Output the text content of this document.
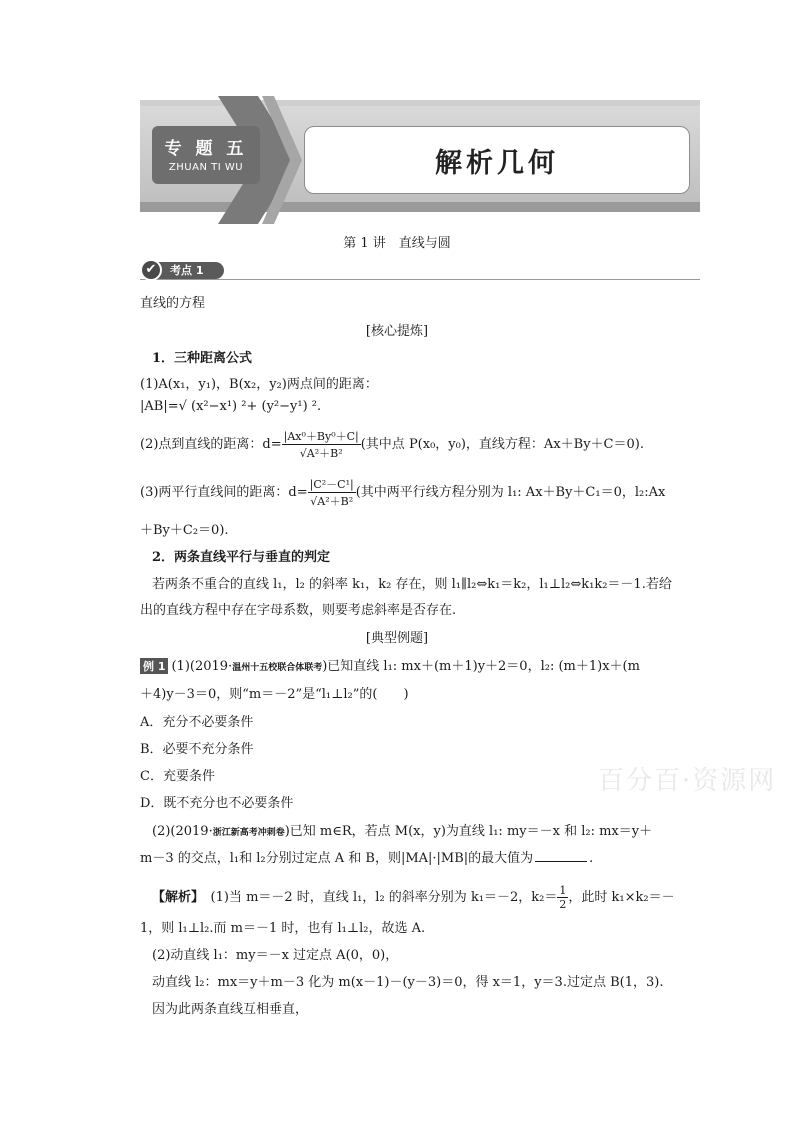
专 题 五
ZHUAN TI WU	解析几何
第 1 讲　直线与圆
考点 1
✔
直线的方程
[核心提炼]
1．三种距离公式
(1)A(x₁，y₁)，B(x₂，y₂)两点间的距离：
|AB|=√ (x²−x¹) ²+ (y²−y¹) ².
(2)点到直线的距离：$d= \frac{\text{|Ax⁰＋By⁰＋C|}}{\text{√A²＋B²}}$ (其中点 P(x₀，y₀)，直线方程：Ax＋By＋C＝0).
(3)两平行直线间的距离：$d= \frac{\text{|C²－C¹|}}{\text{√A²＋B²}}$ (其中两平行线方程分别为 l₁: Ax＋By＋C₁＝0，l₂:Ax
＋By＋C₂＝0).
2．两条直线平行与垂直的判定
若两条不重合的直线 l₁，l₂ 的斜率 k₁，k₂ 存在，则 l₁∥l₂⇔k₁＝k₂，l₁⊥l₂⇔k₁k₂＝－1.若给
出的直线方程中存在字母系数，则要考虑斜率是否存在.
[典型例题]
例 1 (1)(2019·温州十五校联合体联考)已知直线 l₁: mx＋(m＋1)y＋2＝0，l₂: (m＋1)x＋(m
＋4)y－3＝0，则“m＝－2”是“l₁⊥l₂”的(　　)
A．充分不必要条件
B．必要不充分条件
C．充要条件
D．既不充分也不必要条件
(2)(2019·浙江新高考冲刺卷)已知 m∈R，若点 M(x，y)为直线 l₁: my＝－x 和 l₂: mx＝y＋
m－3 的交点，l₁和 l₂分别过定点 A 和 B，则|MA|·|MB|的最大值为	.
【解析】　 (1)当 m＝－2 时，直线 l₁，l₂ 的斜率分别为 k₁＝－2，$k_2= \frac{1}{2}$ ，此时 k₁×k₂＝－
1，则 l₁⊥l₂.而 m＝－1 时，也有 l₁⊥l₂，故选 A.
(2)动直线 l₁：my＝－x 过定点 A(0，0)，
动直线 l₂：mx＝y＋m－3 化为 m(x－1)－(y－3)＝0，得 x＝1，y＝3.过定点 B(1，3).
因为此两条直线互相垂直，
百分百·资源网
